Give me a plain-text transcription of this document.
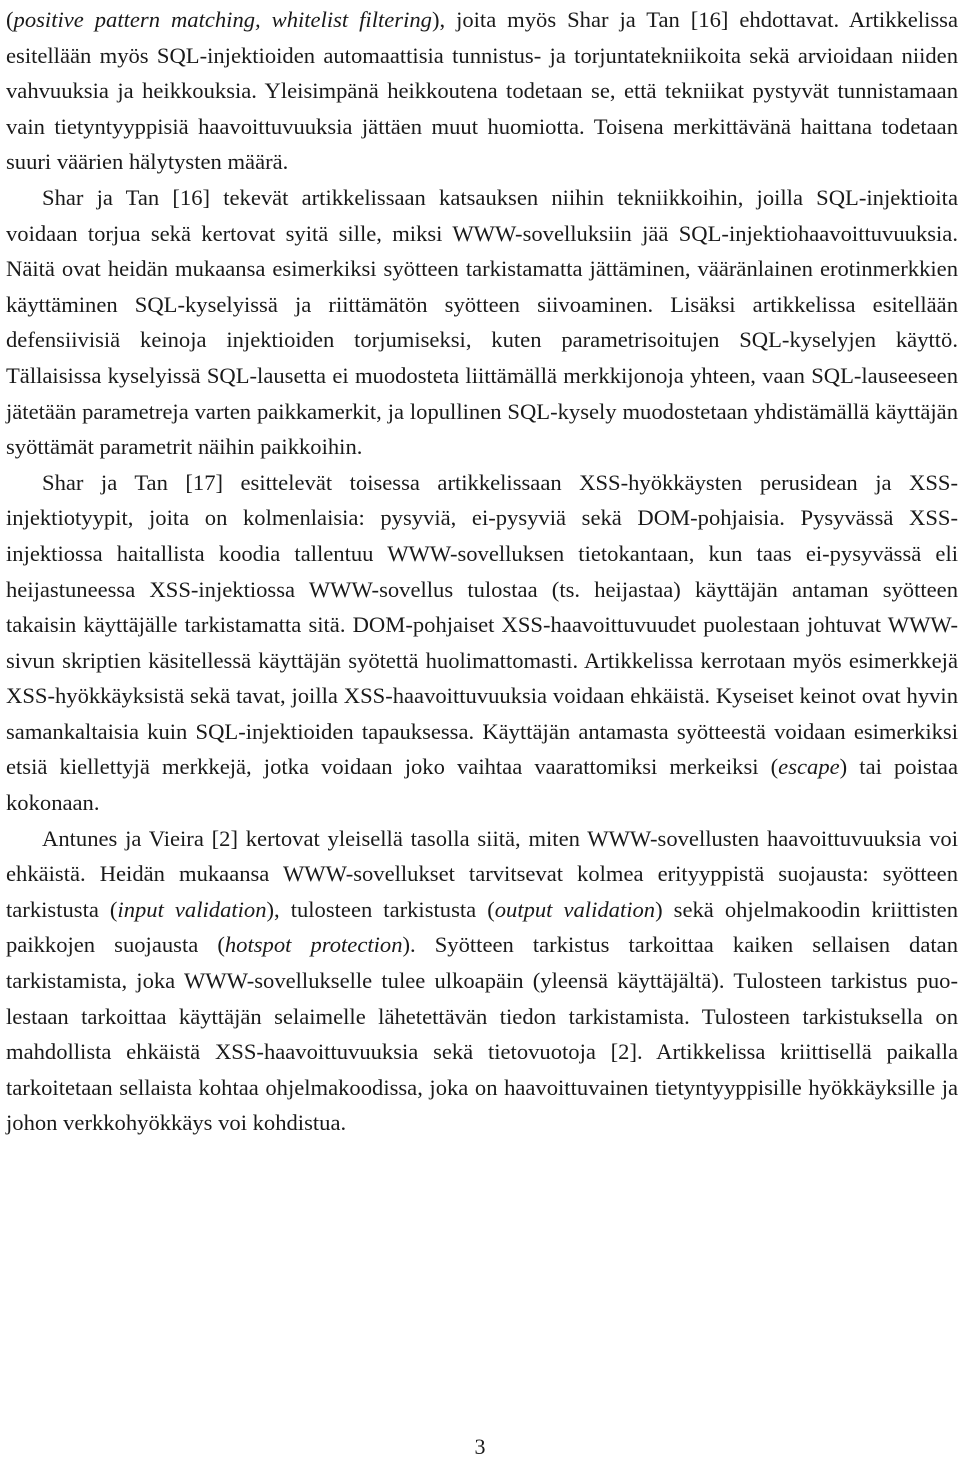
(positive pattern matching, whitelist filtering), joita myös Shar ja Tan [16] ehdottavat. Artikkelissa esitellään myös SQL-injektioiden automaattisia tunnistus- ja torjuntatekniikoita sekä arvioidaan niiden vahvuuksia ja heikkouksia. Yleisimpänä heikkoutena todetaan se, että tekniikat pystyvät tunnistamaan vain tietyntyyppisiä haavoittuvuuksia jättäen muut huomiotta. Toisena merkittävänä haittana todetaan suuri väärien hälytysten määrä.

Shar ja Tan [16] tekevät artikkelissaan katsauksen niihin tekniikkoihin, joilla SQL-injektioita voidaan torjua sekä kertovat syitä sille, miksi WWW-sovelluksiin jää SQL-injektiohaavoittuvuuksia. Näitä ovat heidän mukaansa esimerkiksi syötteen tarkistamatta jättäminen, vääränlainen erotinmerkkien käyttäminen SQL-kyselyissä ja riittämätön syötteen siivoaminen. Lisäksi artikkelissa esitellään defensiivisiä keinoja injektioiden torjumiseksi, kuten parametrisoitujen SQL-kyselyjen käyttö. Tällaisissa kyselyissä SQL-lausetta ei muodosteta liittämällä merkkijonoja yhteen, vaan SQL-lauseeseen jätetään parametreja varten paikkamerkit, ja lopullinen SQL-kysely muodostetaan yhdistämällä käyttäjän syöttämät parametrit näihin paikkoihin.

Shar ja Tan [17] esittelevät toisessa artikkelissaan XSS-hyökkäysten perusidean ja XSS-injektiotyypit, joita on kolmenlaisia: pysyviä, ei-pysyviä sekä DOM-pohjaisia. Pysyvässä XSS-injektiossa haitallista koodia tallentuu WWW-sovelluksen tietokantaan, kun taas ei-pysyvässä eli heijastuneessa XSS-injektiossa WWW-sovellus tulostaa (ts. heijastaa) käyttäjän antaman syötteen takaisin käyttäjälle tarkistamatta sitä. DOM-pohjaiset XSS-haavoittuvuudet puolestaan johtuvat WWW-sivun skriptien käsitellessä käyttäjän syötettä huolimattomasti. Artikkelissa kerrotaan myös esimerkkejä XSS-hyökkäyksistä sekä tavat, joilla XSS-haavoittuvuuksia voidaan ehkäistä. Kyseiset keinot ovat hyvin samankaltaisia kuin SQL-injektioiden tapauksessa. Käyttäjän antamasta syötteestä voidaan esimerkiksi etsiä kiellettyjä merkkejä, jotka voidaan joko vaihtaa vaarattomiksi merkeiksi (escape) tai poistaa kokonaan.

Antunes ja Vieira [2] kertovat yleisellä tasolla siitä, miten WWW-sovellusten haavoittuvuuksia voi ehkäistä. Heidän mukaansa WWW-sovellukset tarvitsevat kolmea erityyppistä suojausta: syötteen tarkistusta (input validation), tulosteen tarkistusta (output validation) sekä ohjelmakoodin kriittisten paikkojen suojausta (hotspot protection). Syötteen tarkistus tarkoittaa kaiken sellaisen datan tarkistamista, joka WWW-sovellukselle tulee ulkoapäin (yleensä käyttäjältä). Tulosteen tarkistus puolestaan tarkoittaa käyttäjän selaimelle lähetettävän tiedon tarkistamista. Tulosteen tarkistuksella on mahdollista ehkäistä XSS-haavoittuvuuksia sekä tietovuotoja [2]. Artikkelissa kriittisellä paikalla tarkoitetaan sellaista kohtaa ohjelmakoodissa, joka on haavoittuvainen tietyntyyppisille hyökkäyksille ja johon verkkohyökkäys voi kohdistua.

3
